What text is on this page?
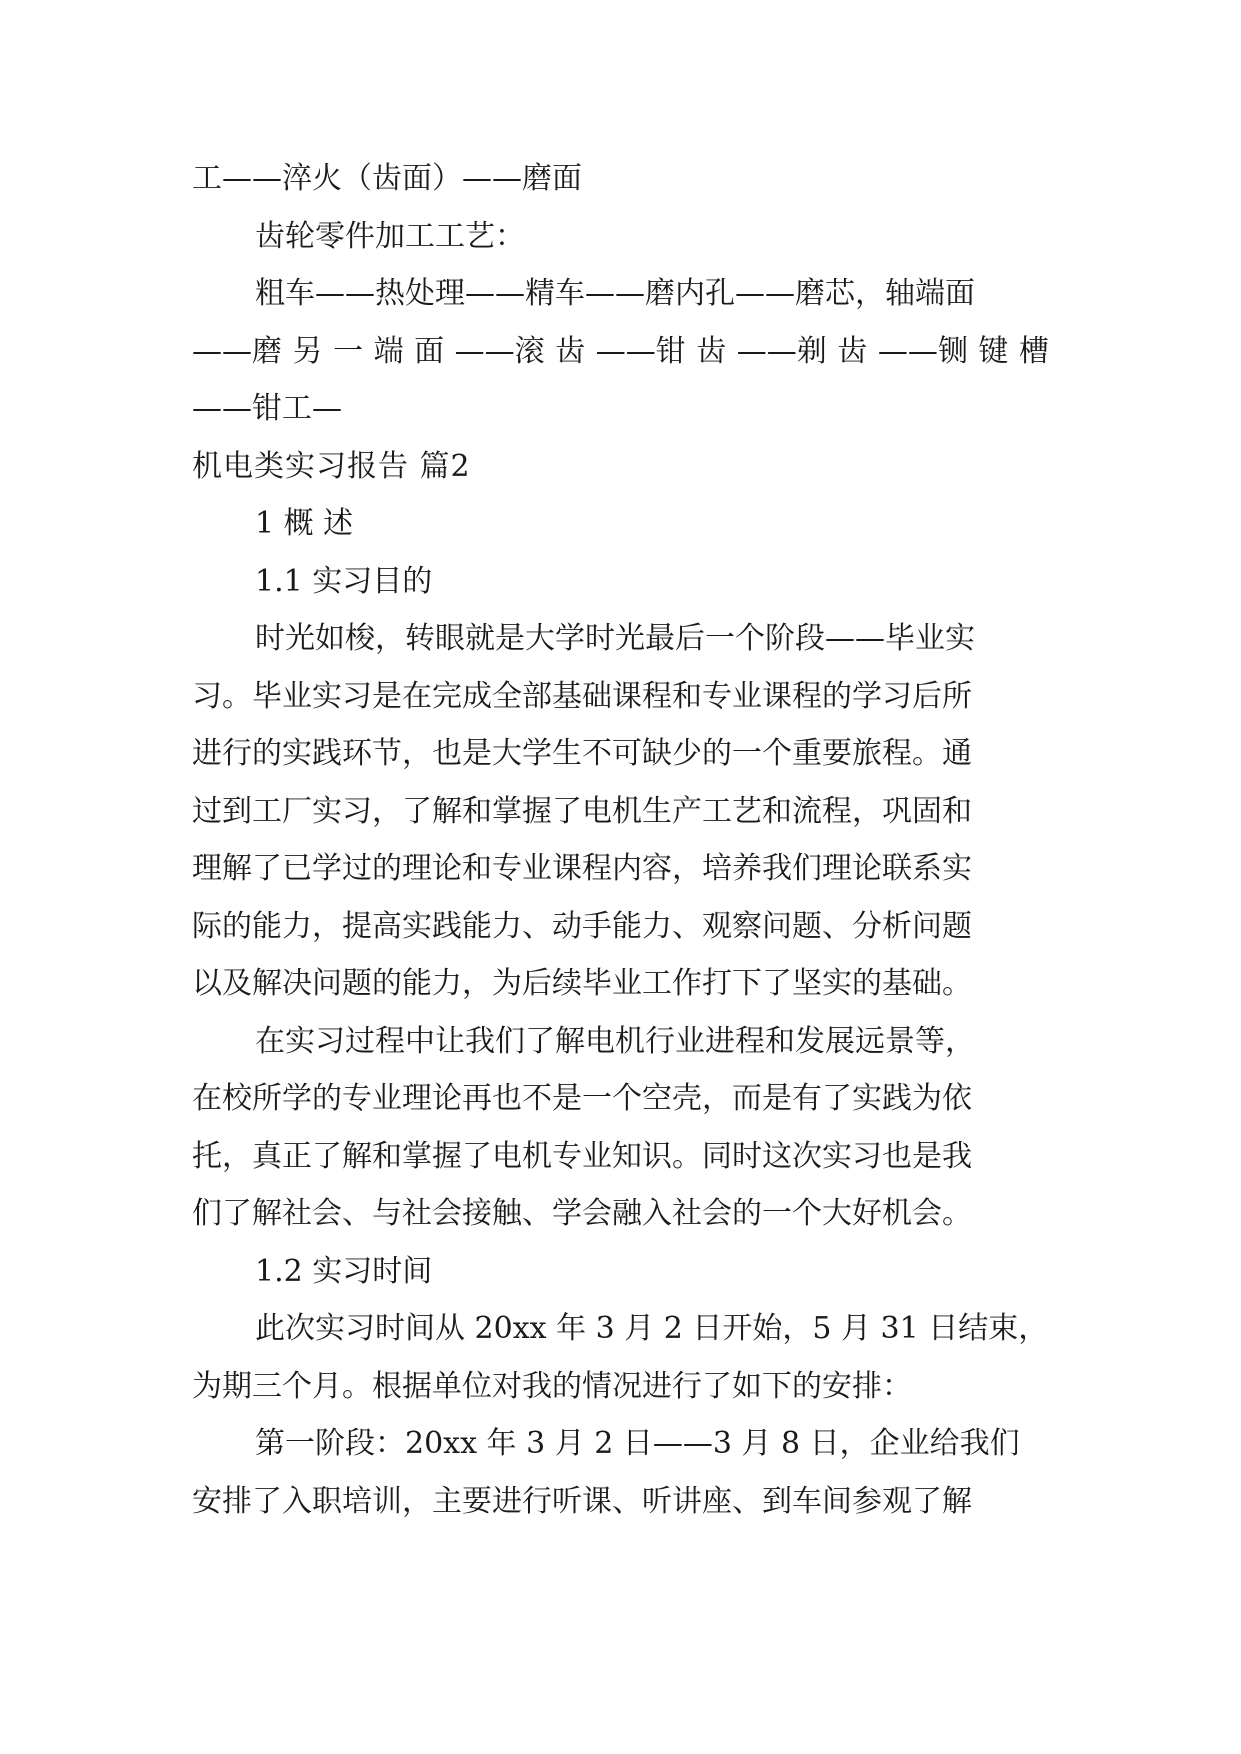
工——淬火（齿面）——磨面
齿轮零件加工工艺：
粗车——热处理——精车——磨内孔——磨芯，轴端面
——磨 另 一 端 面 ——滚 齿 ——钳 齿 ——剃 齿 ——铡 键 槽
——钳工—
机电类实习报告 篇2
1 概 述
1.1 实习目的
时光如梭，转眼就是大学时光最后一个阶段——毕业实
习。毕业实习是在完成全部基础课程和专业课程的学习后所
进行的实践环节，也是大学生不可缺少的一个重要旅程。通
过到工厂实习，了解和掌握了电机生产工艺和流程，巩固和
理解了已学过的理论和专业课程内容，培养我们理论联系实
际的能力，提高实践能力、动手能力、观察问题、分析问题
以及解决问题的能力，为后续毕业工作打下了坚实的基础。
在实习过程中让我们了解电机行业进程和发展远景等，
在校所学的专业理论再也不是一个空壳，而是有了实践为依
托，真正了解和掌握了电机专业知识。同时这次实习也是我
们了解社会、与社会接触、学会融入社会的一个大好机会。
1.2 实习时间
此次实习时间从 20xx 年 3 月 2 日开始，5 月 31 日结束，
为期三个月。根据单位对我的情况进行了如下的安排：
第一阶段：20xx 年 3 月 2 日——3 月 8 日，企业给我们
安排了入职培训，主要进行听课、听讲座、到车间参观了解
